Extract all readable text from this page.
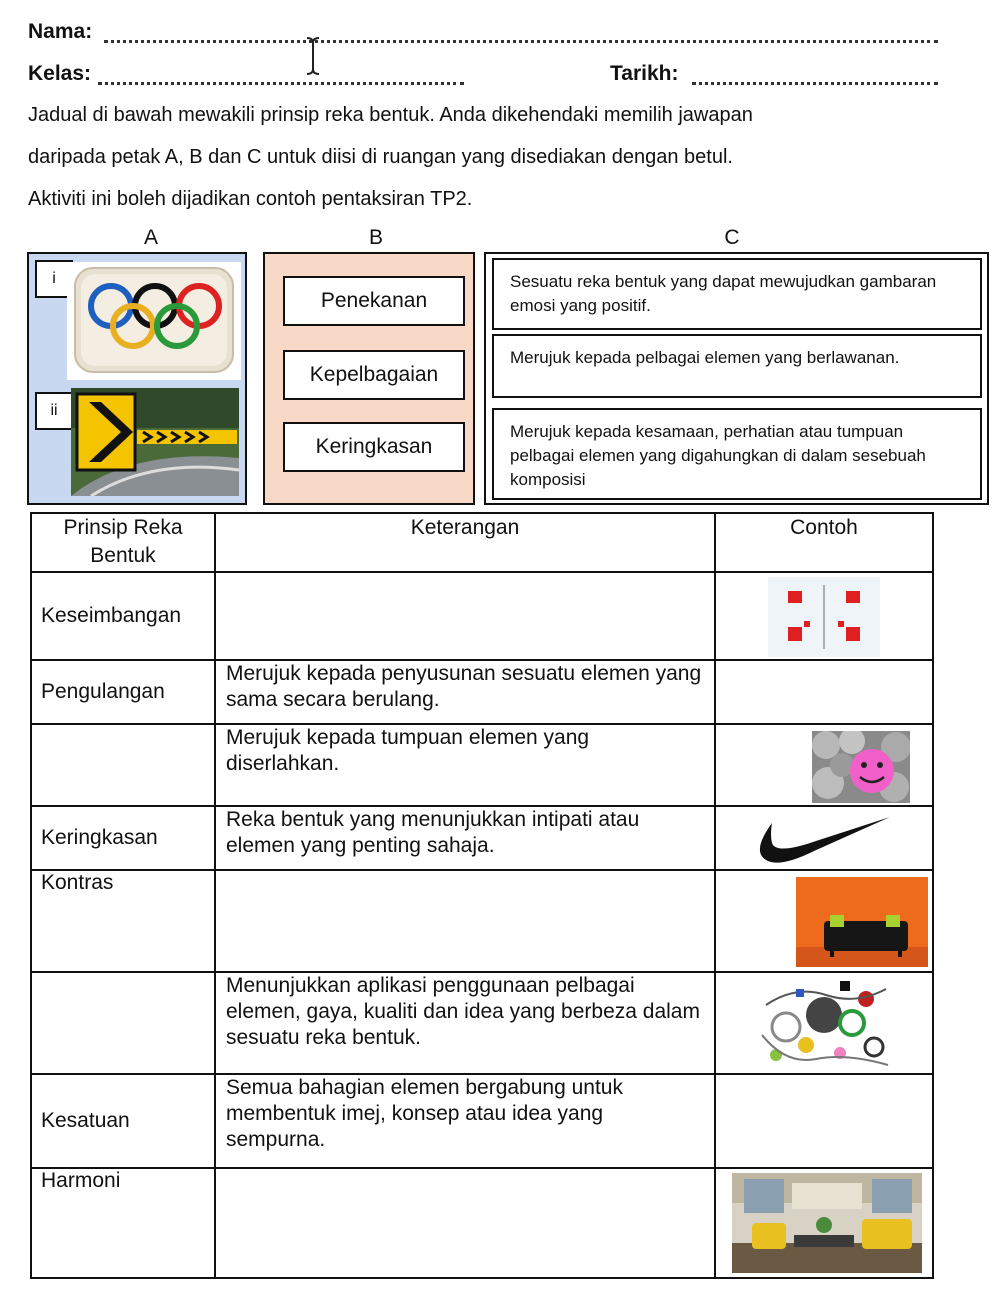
Nama:
Kelas:	Tarikh:
Jadual di bawah mewakili prinsip reka bentuk. Anda dikehendaki memilih jawapan
daripada petak A, B dan C untuk diisi di ruangan yang disediakan dengan betul.
Aktiviti ini boleh dijadikan contoh pentaksiran TP2.
A	B	C
i
ii
Penekanan
Kepelbagaian
Keringkasan
Sesuatu reka bentuk yang dapat mewujudkan gambaran emosi yang positif.
Merujuk kepada pelbagai elemen yang berlawanan.
Merujuk kepada kesamaan, perhatian atau tumpuan pelbagai elemen yang digahungkan di dalam sesebuah komposisi
Prinsip Reka Bentuk	Keterangan	Contoh
Keseimbangan		

Pengulangan	Merujuk kepada penyusunan sesuatu elemen yang sama secara berulang.	
	Merujuk kepada tumpuan elemen yang diserlahkan.	

Keringkasan	Reka bentuk yang menunjukkan intipati atau elemen yang penting sahaja.	

Kontras		

	Menunjukkan aplikasi penggunaan pelbagai elemen, gaya, kualiti dan idea yang berbeza dalam sesuatu reka bentuk.	

Kesatuan	Semua bahagian elemen bergabung untuk membentuk imej, konsep atau idea yang sempurna.	
Harmoni		
